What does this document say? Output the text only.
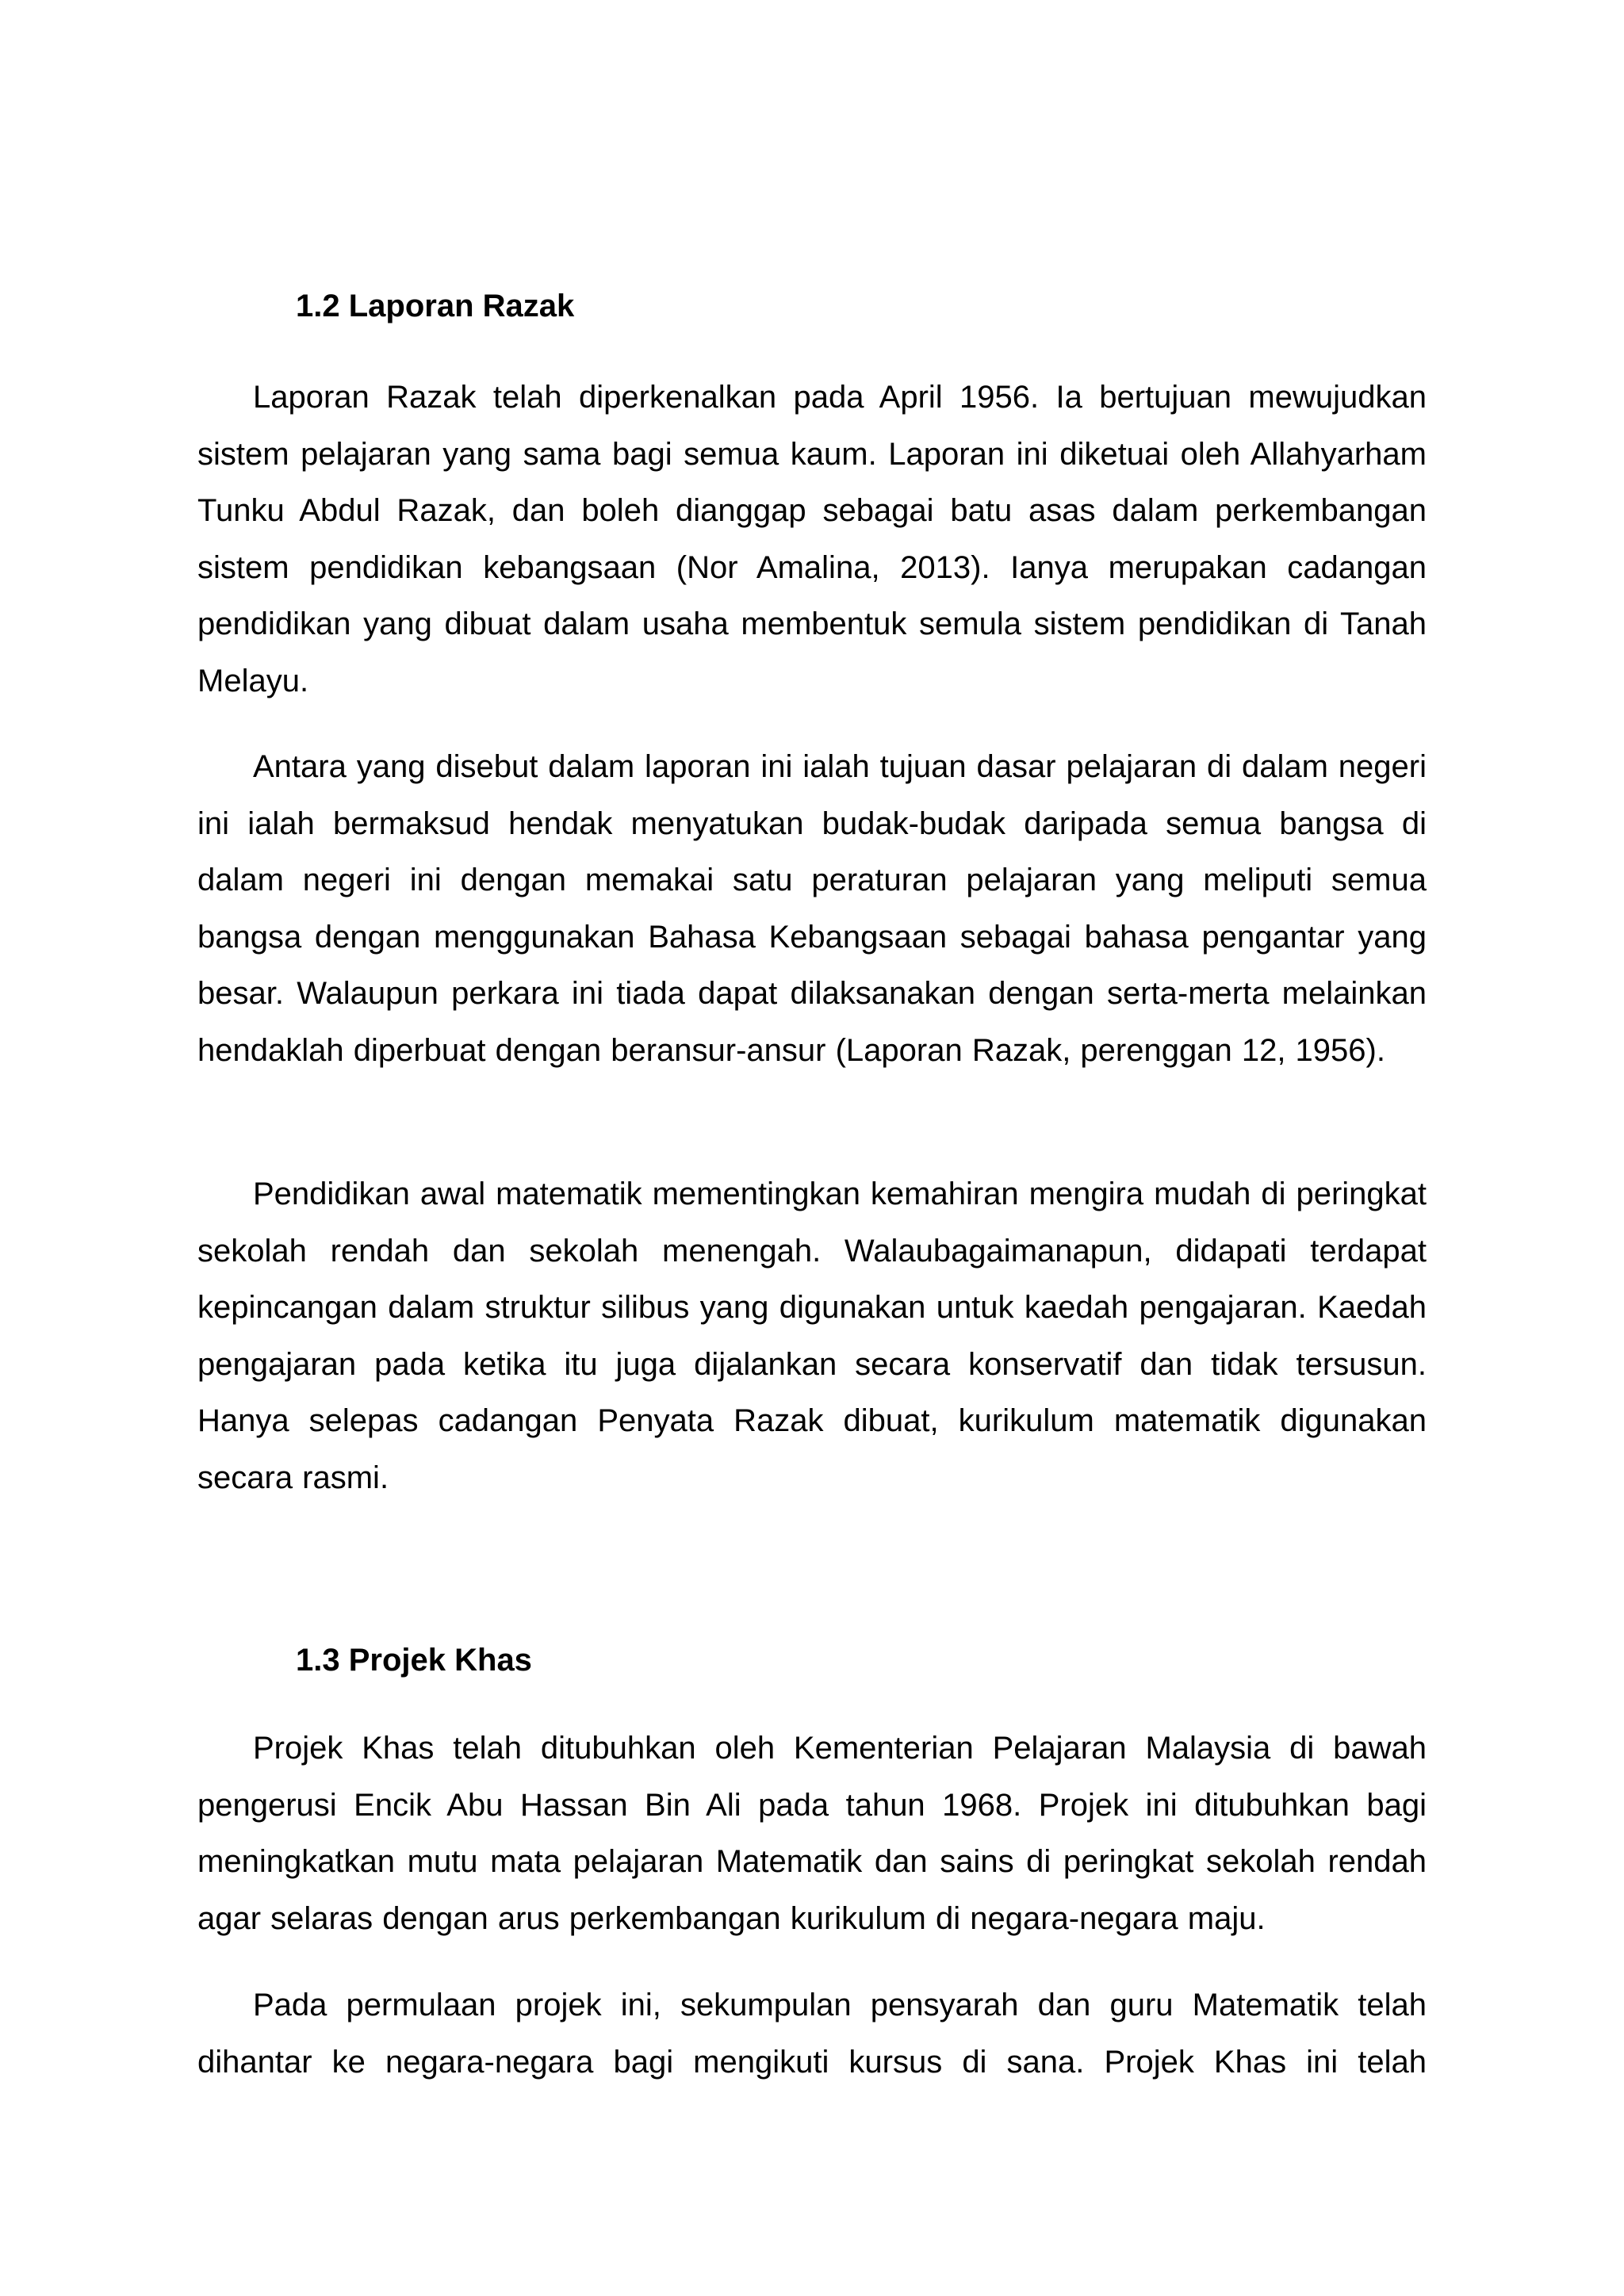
1.2 Laporan Razak

Laporan Razak telah diperkenalkan pada April 1956. Ia bertujuan mewujudkan sistem pelajaran yang sama bagi semua kaum. Laporan ini diketuai oleh Allahyarham Tunku Abdul Razak, dan boleh dianggap sebagai batu asas dalam perkembangan sistem pendidikan kebangsaan (Nor Amalina, 2013). Ianya merupakan cadangan pendidikan yang dibuat dalam usaha membentuk semula sistem pendidikan di Tanah Melayu.

Antara yang disebut dalam laporan ini ialah tujuan dasar pelajaran di dalam negeri ini ialah bermaksud hendak menyatukan budak-budak daripada semua bangsa di dalam negeri ini dengan memakai satu peraturan pelajaran yang meliputi semua bangsa dengan menggunakan Bahasa Kebangsaan sebagai bahasa pengantar yang besar. Walaupun perkara ini tiada dapat dilaksanakan dengan serta-merta melainkan hendaklah diperbuat dengan beransur-ansur (Laporan Razak, perenggan 12, 1956).

Pendidikan awal matematik mementingkan kemahiran mengira mudah di peringkat sekolah rendah dan sekolah menengah. Walaubagaimanapun, didapati terdapat kepincangan dalam struktur silibus yang digunakan untuk kaedah pengajaran. Kaedah pengajaran pada ketika itu juga dijalankan secara konservatif dan tidak tersusun. Hanya selepas cadangan Penyata Razak dibuat, kurikulum matematik digunakan secara rasmi.

1.3 Projek Khas

Projek Khas telah ditubuhkan oleh Kementerian Pelajaran Malaysia di bawah pengerusi Encik Abu Hassan Bin Ali pada tahun 1968. Projek ini ditubuhkan bagi meningkatkan mutu mata pelajaran Matematik dan sains di peringkat sekolah rendah agar selaras dengan arus perkembangan kurikulum di negara-negara maju.

Pada permulaan projek ini, sekumpulan pensyarah dan guru Matematik telah dihantar ke negara-negara bagi mengikuti kursus di sana. Projek Khas ini telah
